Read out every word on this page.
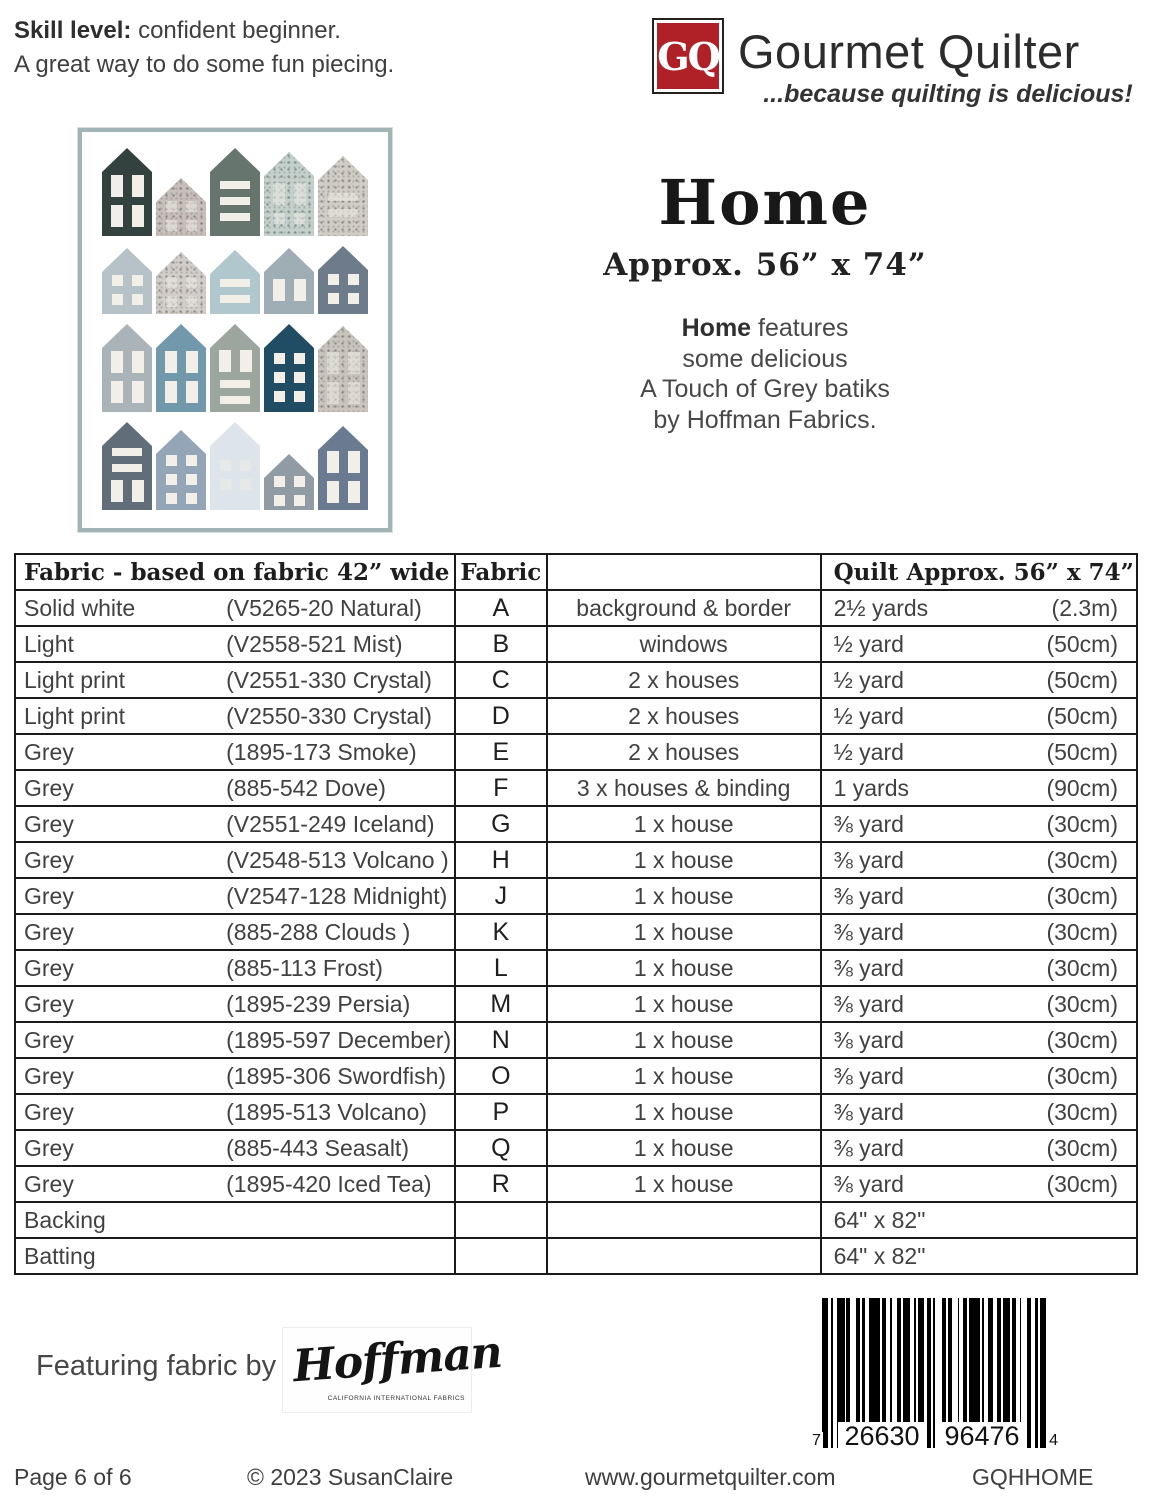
Skill level: confident beginner.
A great way to do some fun piecing.	GQ Gourmet Quilter
...because quilting is delicious!
Home
Approx. 56” x 74”
Home features
some delicious
A Touch of Grey batiks
by Hoffman Fabrics.
Fabric - based on fabric 42” wide	Fabric		Quilt Approx. 56” x 74”
Solid white (V5265-20 Natural)	A	background & border	2½ yards (2.3m)

Light (V2558-521 Mist)	B	windows	½ yard (50cm)

Light print (V2551-330 Crystal)	C	2 x houses	½ yard (50cm)

Light print (V2550-330 Crystal)	D	2 x houses	½ yard (50cm)

Grey (1895-173 Smoke)	E	2 x houses	½ yard (50cm)

Grey (885-542 Dove)	F	3 x houses & binding	1 yards (90cm)

Grey (V2551-249 Iceland)	G	1 x house	⅜ yard (30cm)

Grey (V2548-513 Volcano )	H	1 x house	⅜ yard (30cm)

Grey (V2547-128 Midnight)	J	1 x house	⅜ yard (30cm)

Grey (885-288 Clouds )	K	1 x house	⅜ yard (30cm)

Grey (885-113 Frost)	L	1 x house	⅜ yard (30cm)

Grey (1895-239 Persia)	M	1 x house	⅜ yard (30cm)

Grey (1895-597 December)	N	1 x house	⅜ yard (30cm)

Grey (1895-306 Swordfish)	O	1 x house	⅜ yard (30cm)

Grey (1895-513 Volcano)	P	1 x house	⅜ yard (30cm)

Grey (885-443 Seasalt)	Q	1 x house	⅜ yard (30cm)

Grey (1895-420 Iced Tea)	R	1 x house	⅜ yard (30cm)

Backing			64" x 82"

Batting			64" x 82"
Featuring fabric by Hoffman
CALIFORNIA INTERNATIONAL FABRICS
7 26630 96476	4
Page 6 of 6	© 2023 SusanClaire	www.gourmetquilter.com	GQHHOME
